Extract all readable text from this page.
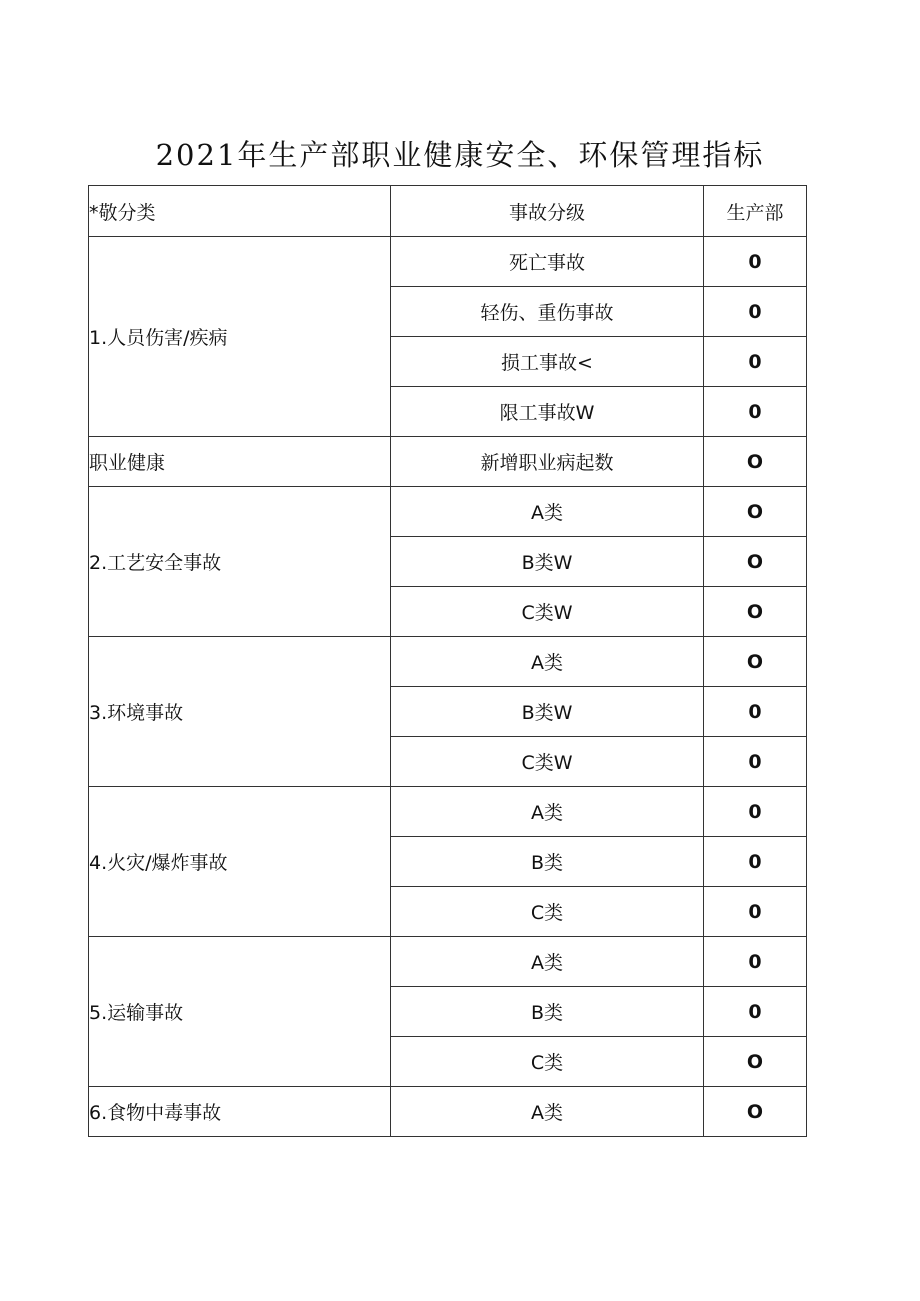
2021年生产部职业健康安全、环保管理指标
*敬分类	事故分级	生产部
1.人员伤害/疾病	死亡事故	0
	轻伤、重伤事故	0
	损工事故<	0
	限工事故W	0
职业健康	新增职业病起数	O
2.工艺安全事故	A类	O
	B类W	O
	C类W	O
3.环境事故	A类	O
	B类W	0
	C类W	0
4.火灾/爆炸事故	A类	0
	B类	0
	C类	0
5.运输事故	A类	0
	B类	0
	C类	O
6.食物中毒事故	A类	O
